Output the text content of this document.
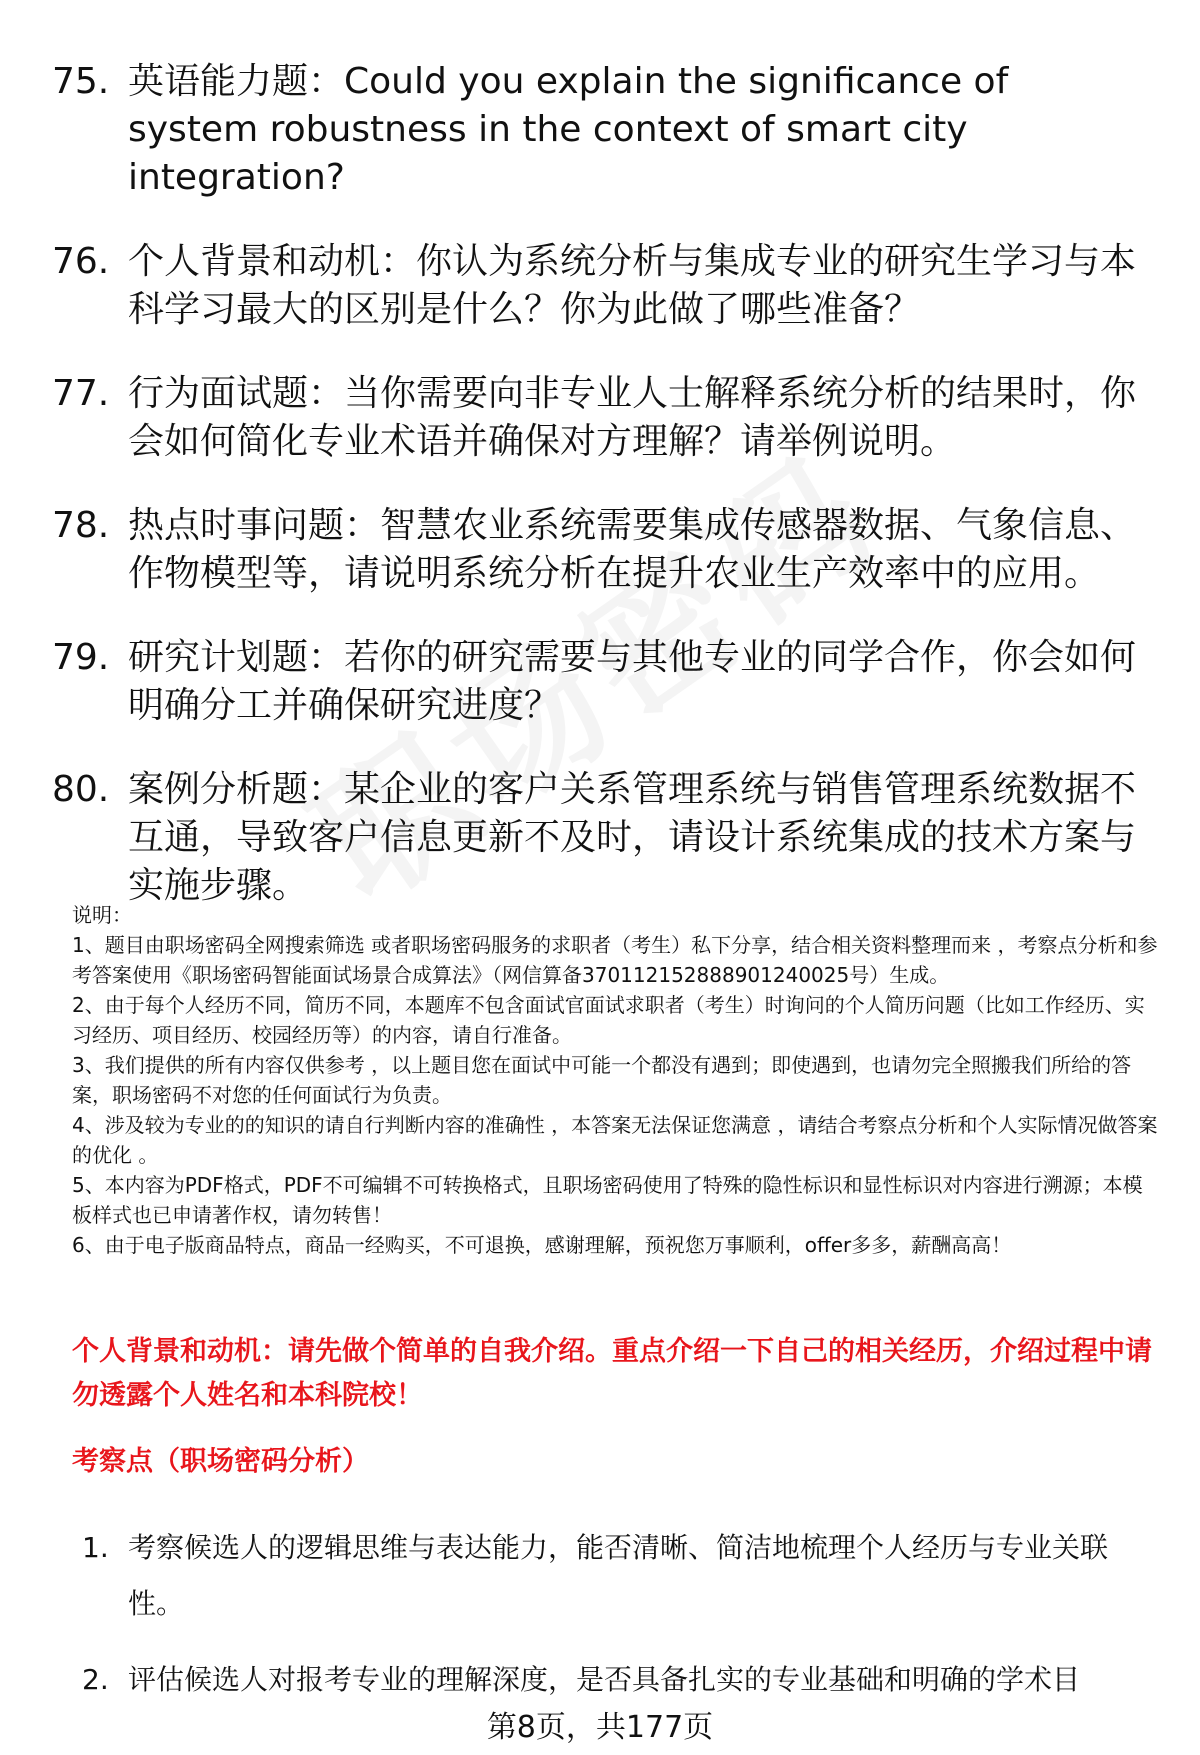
75. 英语能力题：Could you explain the significance of system robustness in the context of smart city integration?
76. 个人背景和动机：你认为系统分析与集成专业的研究生学习与本科学习最大的区别是什么？你为此做了哪些准备？
77. 行为面试题：当你需要向非专业人士解释系统分析的结果时，你会如何简化专业术语并确保对方理解？请举例说明。
78. 热点时事问题：智慧农业系统需要集成传感器数据、气象信息、作物模型等，请说明系统分析在提升农业生产效率中的应用。
79. 研究计划题：若你的研究需要与其他专业的同学合作，你会如何明确分工并确保研究进度？
80. 案例分析题：某企业的客户关系管理系统与销售管理系统数据不互通，导致客户信息更新不及时，请设计系统集成的技术方案与实施步骤。

说明：

1、题目由职场密码全网搜索筛选 或者职场密码服务的求职者（考生）私下分享，结合相关资料整理而来 ，考察点分析和参考答案使用《职场密码智能面试场景合成算法》（网信算备370112152888901240025号）生成。

2、由于每个人经历不同，简历不同，本题库不包含面试官面试求职者（考生）时询问的个人简历问题（比如工作经历、实习经历、项目经历、校园经历等）的内容，请自行准备。

3、我们提供的所有内容仅供参考 ，以上题目您在面试中可能一个都没有遇到；即使遇到，也请勿完全照搬我们所给的答案，职场密码不对您的任何面试行为负责。

4、涉及较为专业的的知识的请自行判断内容的准确性 ，本答案无法保证您满意 ，请结合考察点分析和个人实际情况做答案的优化 。

5、本内容为PDF格式，PDF不可编辑不可转换格式，且职场密码使用了特殊的隐性标识和显性标识对内容进行溯源；本模板样式也已申请著作权，请勿转售！

6、由于电子版商品特点，商品一经购买，不可退换，感谢理解，预祝您万事顺利，offer多多，薪酬高高！

个人背景和动机：请先做个简单的自我介绍。重点介绍一下自己的相关经历，介绍过程中请勿透露个人姓名和本科院校！
考察点（职场密码分析）
1. 考察候选人的逻辑思维与表达能力，能否清晰、简洁地梳理个人经历与专业关联性。
2. 评估候选人对报考专业的理解深度，是否具备扎实的专业基础和明确的学术目
第8页，共177页
